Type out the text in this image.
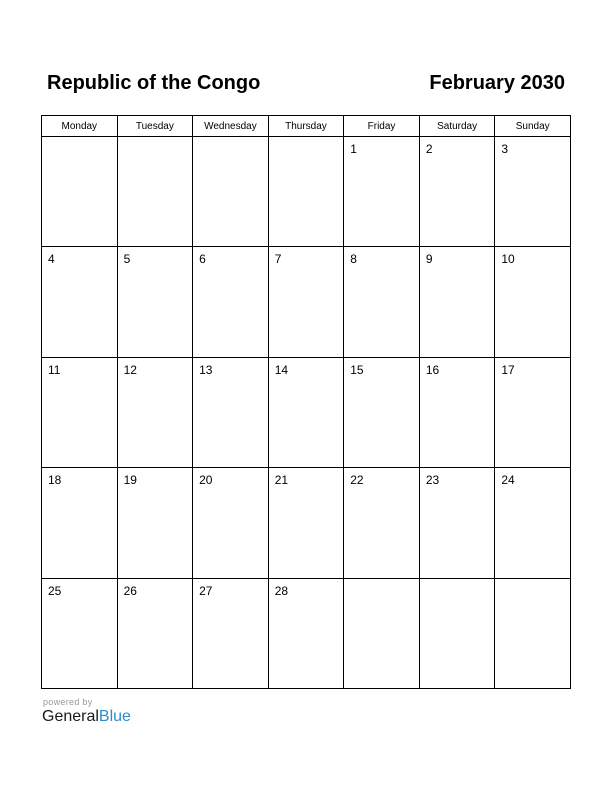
Republic of the Congo	February 2030
Monday	Tuesday	Wednesday	Thursday	Friday	Saturday	Sunday

				1	2	3

4	5	6	7	8	9	10

11	12	13	14	15	16	17

18	19	20	21	22	23	24

25	26	27	28			

powered by
GeneralBlue
